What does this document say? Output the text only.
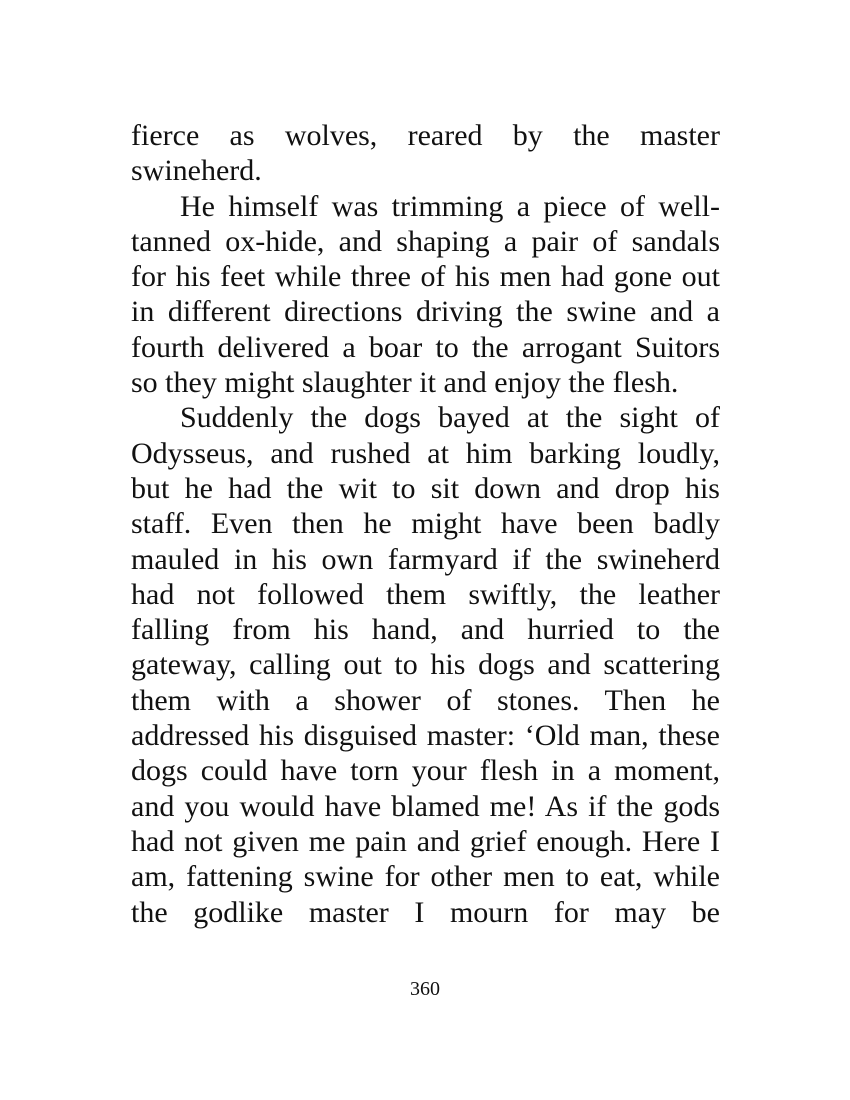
fierce as wolves, reared by the master
swineherd.
He himself was trimming a piece of well-
tanned ox-hide, and shaping a pair of sandals
for his feet while three of his men had gone out
in different directions driving the swine and a
fourth delivered a boar to the arrogant Suitors
so they might slaughter it and enjoy the flesh.
Suddenly the dogs bayed at the sight of
Odysseus, and rushed at him barking loudly,
but he had the wit to sit down and drop his
staff. Even then he might have been badly
mauled in his own farmyard if the swineherd
had not followed them swiftly, the leather
falling from his hand, and hurried to the
gateway, calling out to his dogs and scattering
them with a shower of stones. Then he
addressed his disguised master: ‘Old man, these
dogs could have torn your flesh in a moment,
and you would have blamed me! As if the gods
had not given me pain and grief enough. Here I
am, fattening swine for other men to eat, while
the godlike master I mourn for may be
360
